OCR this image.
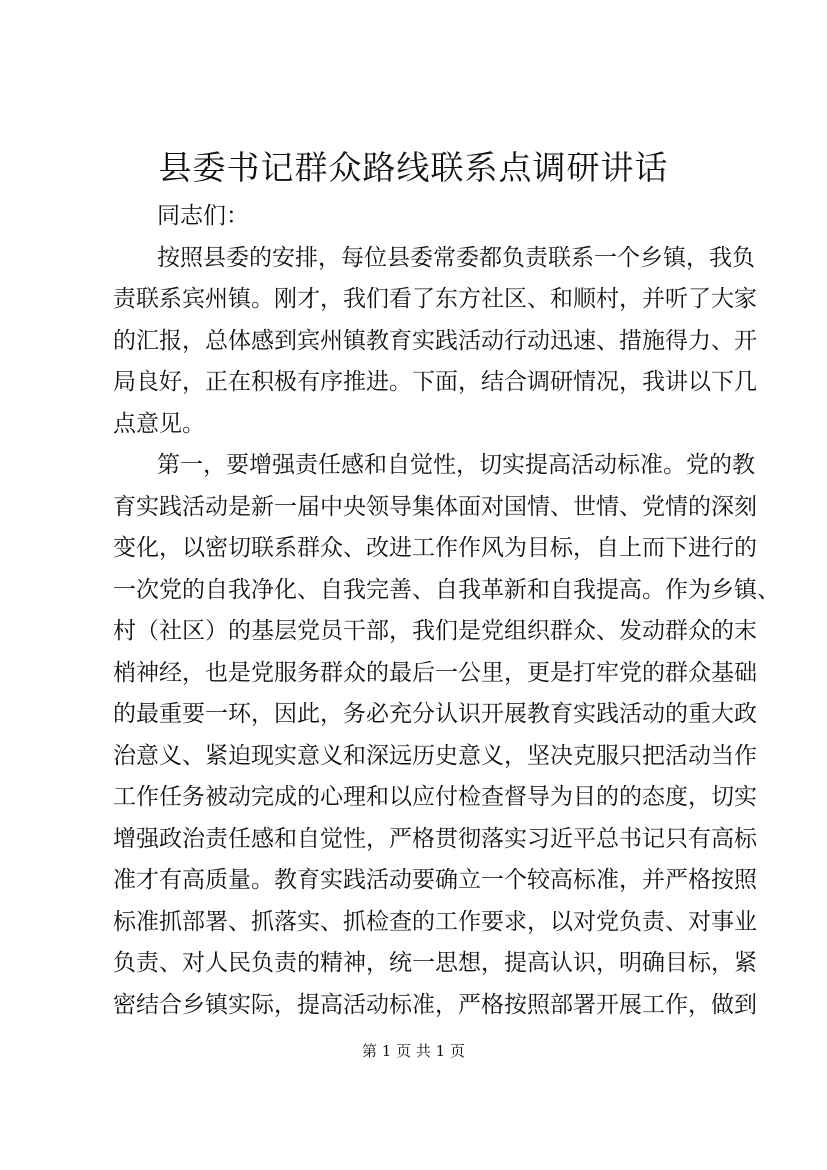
县委书记群众路线联系点调研讲话
同志们：
按照县委的安排，每位县委常委都负责联系一个乡镇，我负
责联系宾州镇。刚才，我们看了东方社区、和顺村，并听了大家
的汇报，总体感到宾州镇教育实践活动行动迅速、措施得力、开
局良好，正在积极有序推进。下面，结合调研情况，我讲以下几
点意见。
第一，要增强责任感和自觉性，切实提高活动标准。党的教
育实践活动是新一届中央领导集体面对国情、世情、党情的深刻
变化，以密切联系群众、改进工作作风为目标，自上而下进行的
一次党的自我净化、自我完善、自我革新和自我提高。作为乡镇、
村（社区）的基层党员干部，我们是党组织群众、发动群众的末
梢神经，也是党服务群众的最后一公里，更是打牢党的群众基础
的最重要一环，因此，务必充分认识开展教育实践活动的重大政
治意义、紧迫现实意义和深远历史意义，坚决克服只把活动当作
工作任务被动完成的心理和以应付检查督导为目的的态度，切实
增强政治责任感和自觉性，严格贯彻落实习近平总书记只有高标
准才有高质量。教育实践活动要确立一个较高标准，并严格按照
标准抓部署、抓落实、抓检查的工作要求，以对党负责、对事业
负责、对人民负责的精神，统一思想，提高认识，明确目标，紧
密结合乡镇实际，提高活动标准，严格按照部署开展工作，做到
第 1 页 共 1 页
